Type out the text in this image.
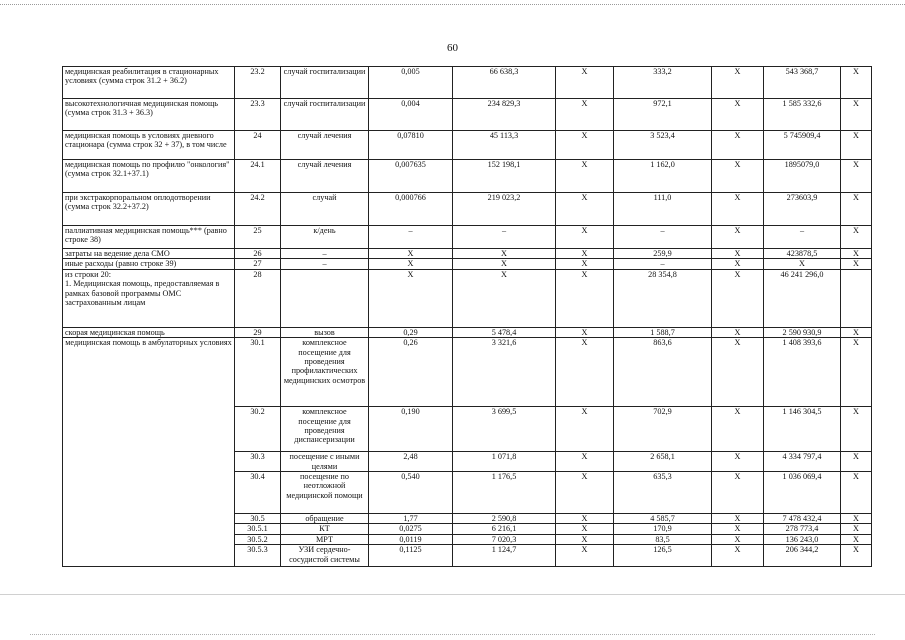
60
медицинская реабилитация в стационарных условиях (сумма строк 31.2 + 36.2)	23.2	случай госпитализации	0,005	66 638,3	X	333,2	X	543 368,7	X
высокотехнологичная медицинская помощь (сумма строк 31.3 + 36.3)	23.3	случай госпитализации	0,004	234 829,3	X	972,1	X	1 585 332,6	X
медицинская помощь в условиях дневного стационара (сумма строк 32 + 37), в том числе	24	случай лечения	0,07810	45 113,3	X	3 523,4	X	5 745909,4	X
медицинская помощь по профилю "онкология" (сумма строк 32.1+37.1)	24.1	случай лечения	0,007635	152 198,1	X	1 162,0	X	1895079,0	X
при экстракорпоральном оплодотворении (сумма строк 32.2+37.2)	24.2	случай	0,000766	219 023,2	X	111,0	X	273603,9	X
паллиативная медицинская помощь*** (равно строке 38)	25	к/день	–	–	X	–	X	–	X
затраты на ведение дела СМО	26	–	X	X	X	259,9	X	423878,5	X
иные расходы (равно строке 39)	27	–	X	X	X	–	X	X	X
из строки 20:
1. Медицинская помощь, предоставляемая в рамках базовой программы ОМС застрахованным лицам	28		X	X	X	28 354,8	X	46 241 296,0	
скорая медицинская помощь	29	вызов	0,29	5 478,4	X	1 588,7	X	2 590 930,9	X
медицинская помощь в амбулаторных условиях	30.1	комплексное посещение для проведения профилактических медицинских осмотров	0,26	3 321,6	X	863,6	X	1 408 393,6	X
	30.2	комплексное посещение для проведения диспансеризации	0,190	3 699,5	X	702,9	X	1 146 304,5	X
	30.3	посещение с иными целями	2,48	1 071,8	X	2 658,1	X	4 334 797,4	X
	30.4	посещение по неотложной медицинской помощи	0,540	1 176,5	X	635,3	X	1 036 069,4	X
	30.5	обращение	1,77	2 590,8	X	4 585,7	X	7 478 432,4	X
	30.5.1	КТ	0,0275	6 216,1	X	170,9	X	278 773,4	X
	30.5.2	МРТ	0,0119	7 020,3	X	83,5	X	136 243,0	X
	30.5.3	УЗИ сердечно-сосудистой системы	0,1125	1 124,7	X	126,5	X	206 344,2	X
